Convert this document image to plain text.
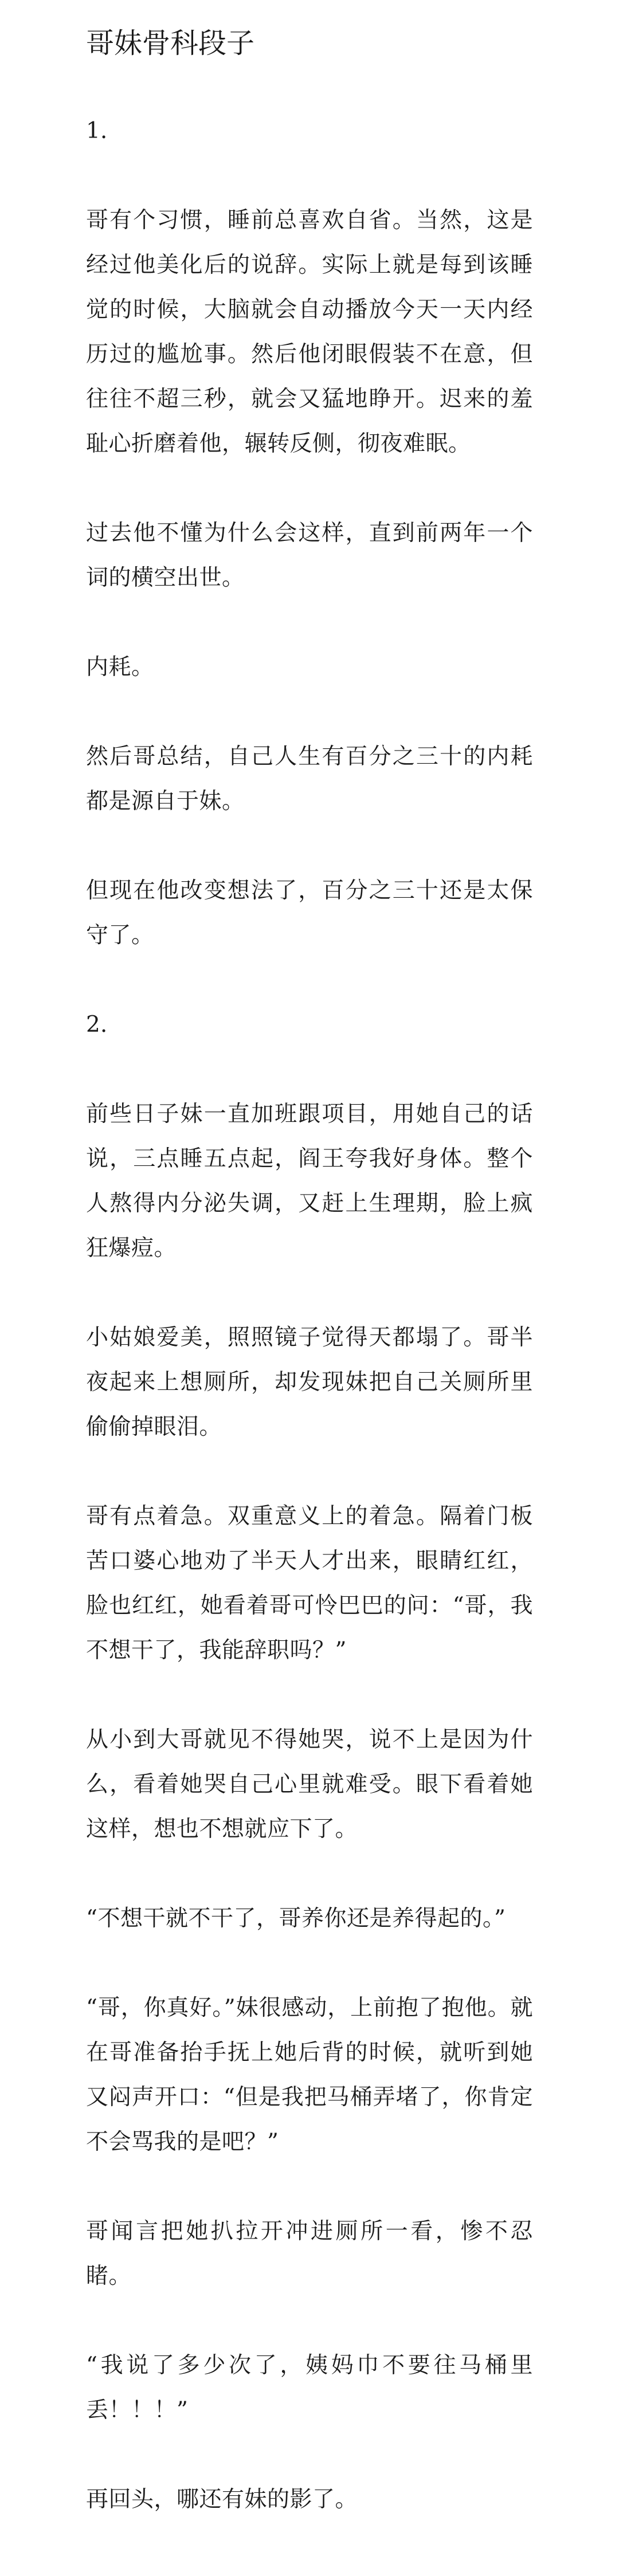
哥妹骨科段子

1.

哥有个习惯，睡前总喜欢自省。当然，这是经过他美化后的说辞。实际上就是每到该睡觉的时候，大脑就会自动播放今天一天内经历过的尴尬事。然后他闭眼假装不在意，但往往不超三秒，就会又猛地睁开。迟来的羞耻心折磨着他，辗转反侧，彻夜难眠。

过去他不懂为什么会这样，直到前两年一个词的横空出世。

内耗。

然后哥总结，自己人生有百分之三十的内耗都是源自于妹。

但现在他改变想法了，百分之三十还是太保守了。

2.

前些日子妹一直加班跟项目，用她自己的话说，三点睡五点起，阎王夸我好身体。整个人熬得内分泌失调，又赶上生理期，脸上疯狂爆痘。

小姑娘爱美，照照镜子觉得天都塌了。哥半夜起来上想厕所，却发现妹把自己关厕所里偷偷掉眼泪。

哥有点着急。双重意义上的着急。隔着门板苦口婆心地劝了半天人才出来，眼睛红红，脸也红红，她看着哥可怜巴巴的问：“哥，我不想干了，我能辞职吗？”

从小到大哥就见不得她哭，说不上是因为什么，看着她哭自己心里就难受。眼下看着她这样，想也不想就应下了。

“不想干就不干了，哥养你还是养得起的。”

“哥，你真好。”妹很感动，上前抱了抱他。就在哥准备抬手抚上她后背的时候，就听到她又闷声开口：“但是我把马桶弄堵了，你肯定不会骂我的是吧？”

哥闻言把她扒拉开冲进厕所一看，惨不忍睹。

“我说了多少次了，姨妈巾不要往马桶里丢！！！”

再回头，哪还有妹的影了。
